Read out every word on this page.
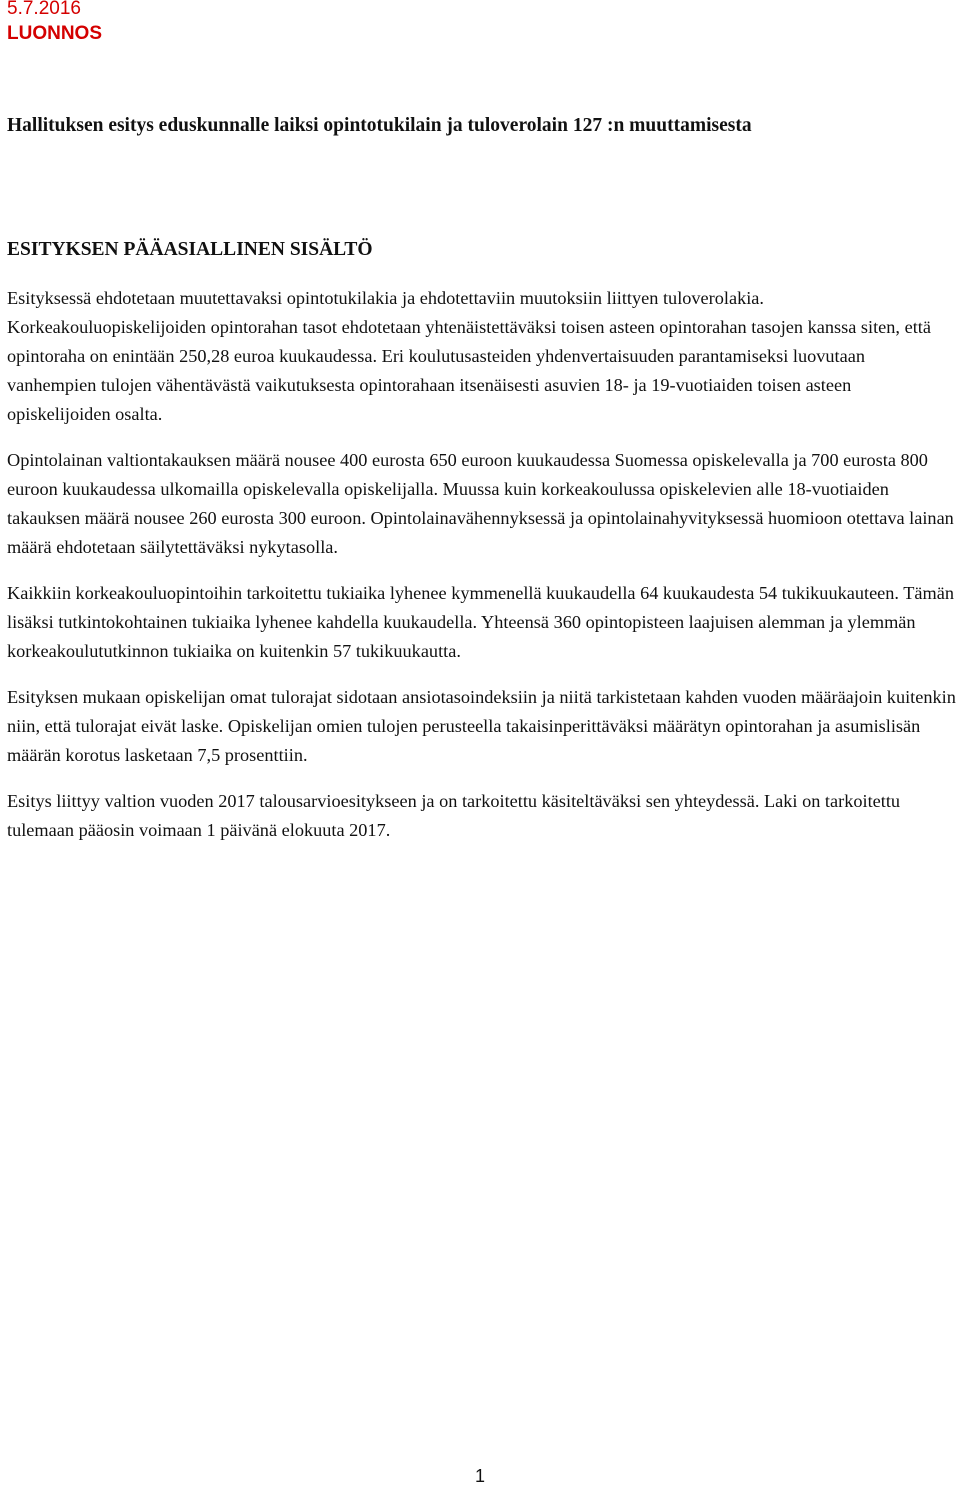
5.7.2016
LUONNOS
Hallituksen esitys eduskunnalle laiksi opintotukilain ja tuloverolain 127 :n muuttamisesta
ESITYKSEN PÄÄASIALLINEN SISÄLTÖ

Esityksessä ehdotetaan muutettavaksi opintotukilakia ja ehdotettaviin muutoksiin liittyen tuloverolakia. Korkeakouluopiskelijoiden opintorahan tasot ehdotetaan yhtenäistettäväksi toisen asteen opintorahan tasojen kanssa siten, että opintoraha on enintään 250,28 euroa kuukaudessa. Eri koulutusasteiden yhdenvertaisuuden parantamiseksi luovutaan vanhempien tulojen vähentävästä vaikutuksesta opintorahaan itsenäisesti asuvien 18- ja 19-vuotiaiden toisen asteen opiskelijoiden osalta.

Opintolainan valtiontakauksen määrä nousee 400 eurosta 650 euroon kuukaudessa Suomessa opiskelevalla ja 700 eurosta 800 euroon kuukaudessa ulkomailla opiskelevalla opiskelijalla. Muussa kuin korkeakoulussa opiskelevien alle 18-vuotiaiden takauksen määrä nousee 260 eurosta 300 euroon. Opintolainavähennyksessä ja opintolainahyvityksessä huomioon otettava lainan määrä ehdotetaan säilytettäväksi nykytasolla.

Kaikkiin korkeakouluopintoihin tarkoitettu tukiaika lyhenee kymmenellä kuukaudella 64 kuukaudesta 54 tukikuukauteen. Tämän lisäksi tutkintokohtainen tukiaika lyhenee kahdella kuukaudella. Yhteensä 360 opintopisteen laajuisen alemman ja ylemmän korkeakoulututkinnon tukiaika on kuitenkin 57 tukikuukautta.

Esityksen mukaan opiskelijan omat tulorajat sidotaan ansiotasoindeksiin ja niitä tarkistetaan kahden vuoden määräajoin kuitenkin niin, että tulorajat eivät laske. Opiskelijan omien tulojen perusteella takaisinperittäväksi määrätyn opintorahan ja asumislisän määrän korotus lasketaan 7,5 prosenttiin.

Esitys liittyy valtion vuoden 2017 talousarvioesitykseen ja on tarkoitettu käsiteltäväksi sen yhteydessä. Laki on tarkoitettu tulemaan pääosin voimaan 1 päivänä elokuuta 2017.

1
